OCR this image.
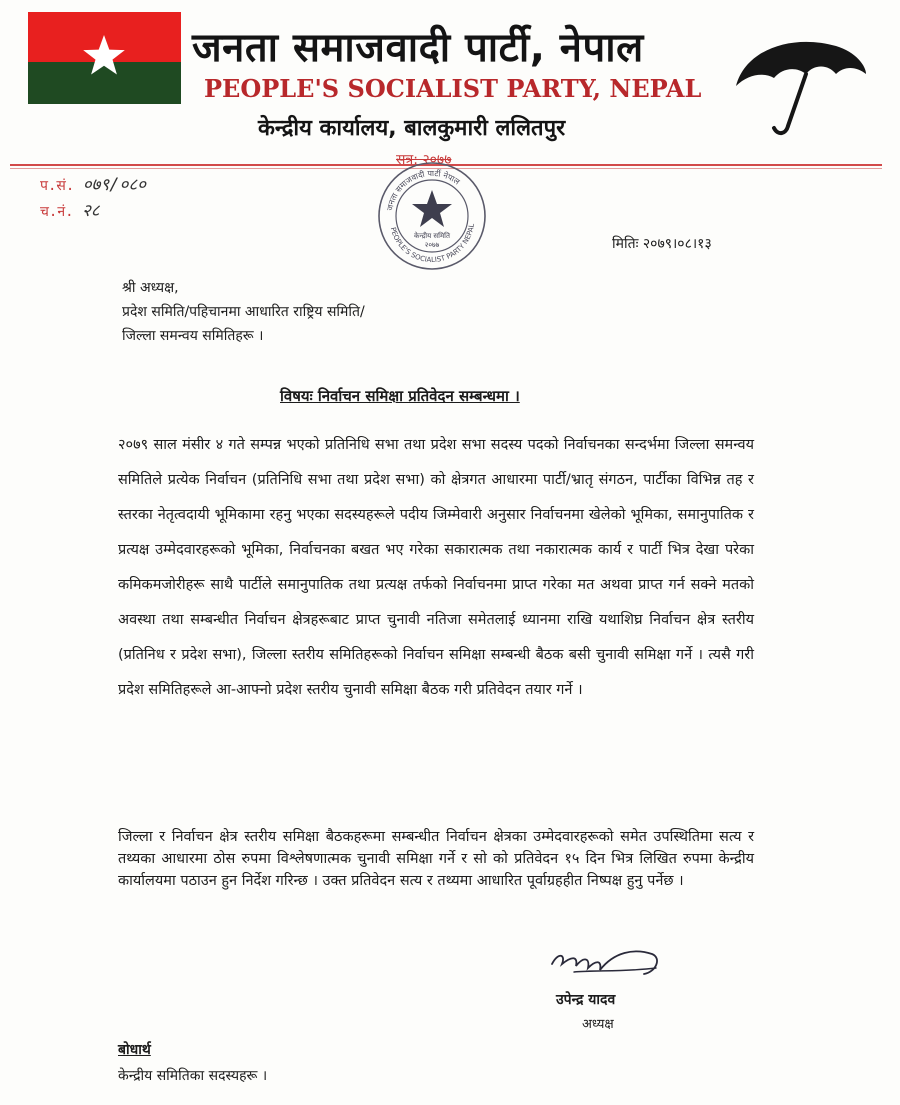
जनता समाजवादी पार्टी, नेपाल
PEOPLE'S SOCIALIST PARTY, NEPAL
केन्द्रीय कार्यालय, बालकुमारी ललितपुर
प.सं. ०७९/०८०
च.नं. २८
सत्र: २०७७
जनता समाजवादी पार्टी नेपाल
PEOPLE'S SOCIALIST PARTY NEPAL
केन्द्रीय समिति
२०७७	मितिः २०७९।०८।१३
श्री अध्यक्ष,
प्रदेश समिति/पहिचानमा आधारित राष्ट्रिय समिति/
जिल्ला समन्वय समितिहरू ।
विषयः निर्वाचन समिक्षा प्रतिवेदन सम्बन्धमा ।
२०७९ साल मंसीर ४ गते सम्पन्न भएको प्रतिनिधि सभा तथा प्रदेश सभा सदस्य पदको निर्वाचनका सन्दर्भमा जिल्ला समन्वय समितिले प्रत्येक निर्वाचन (प्रतिनिधि सभा तथा प्रदेश सभा) को क्षेत्रगत आधारमा पार्टी/भ्रातृ संगठन, पार्टीका विभिन्न तह र स्तरका नेतृत्वदायी भूमिकामा रहनु भएका सदस्यहरूले पदीय जिम्मेवारी अनुसार निर्वाचनमा खेलेको भूमिका, समानुपातिक र प्रत्यक्ष उम्मेदवारहरूको भूमिका, निर्वाचनका बखत भए गरेका सकारात्मक तथा नकारात्मक कार्य र पार्टी भित्र देखा परेका कमिकमजोरीहरू साथै पार्टीले समानुपातिक तथा प्रत्यक्ष तर्फको निर्वाचनमा प्राप्त गरेका मत अथवा प्राप्त गर्न सक्ने मतको अवस्था तथा सम्बन्धीत निर्वाचन क्षेत्रहरूबाट प्राप्त चुनावी नतिजा समेतलाई ध्यानमा राखि यथाशिघ्र निर्वाचन क्षेत्र स्तरीय (प्रतिनिध र प्रदेश सभा), जिल्ला स्तरीय समितिहरूको निर्वाचन समिक्षा सम्बन्धी बैठक बसी चुनावी समिक्षा गर्ने । त्यसै गरी प्रदेश समितिहरूले आ-आफ्नो प्रदेश स्तरीय चुनावी समिक्षा बैठक गरी प्रतिवेदन तयार गर्ने ।
जिल्ला र निर्वाचन क्षेत्र स्तरीय समिक्षा बैठकहरूमा सम्बन्धीत निर्वाचन क्षेत्रका उम्मेदवारहरूको समेत उपस्थितिमा सत्य र तथ्यका आधारमा ठोस रुपमा विश्लेषणात्मक चुनावी समिक्षा गर्ने र सो को प्रतिवेदन १५ दिन भित्र लिखित रुपमा केन्द्रीय कार्यालयमा पठाउन हुन निर्देश गरिन्छ । उक्त प्रतिवेदन सत्य र तथ्यमा आधारित पूर्वाग्रहहीत निष्पक्ष हुनु पर्नेछ ।
उपेन्द्र यादव
अध्यक्ष
बोधार्थ
केन्द्रीय समितिका सदस्यहरू ।
